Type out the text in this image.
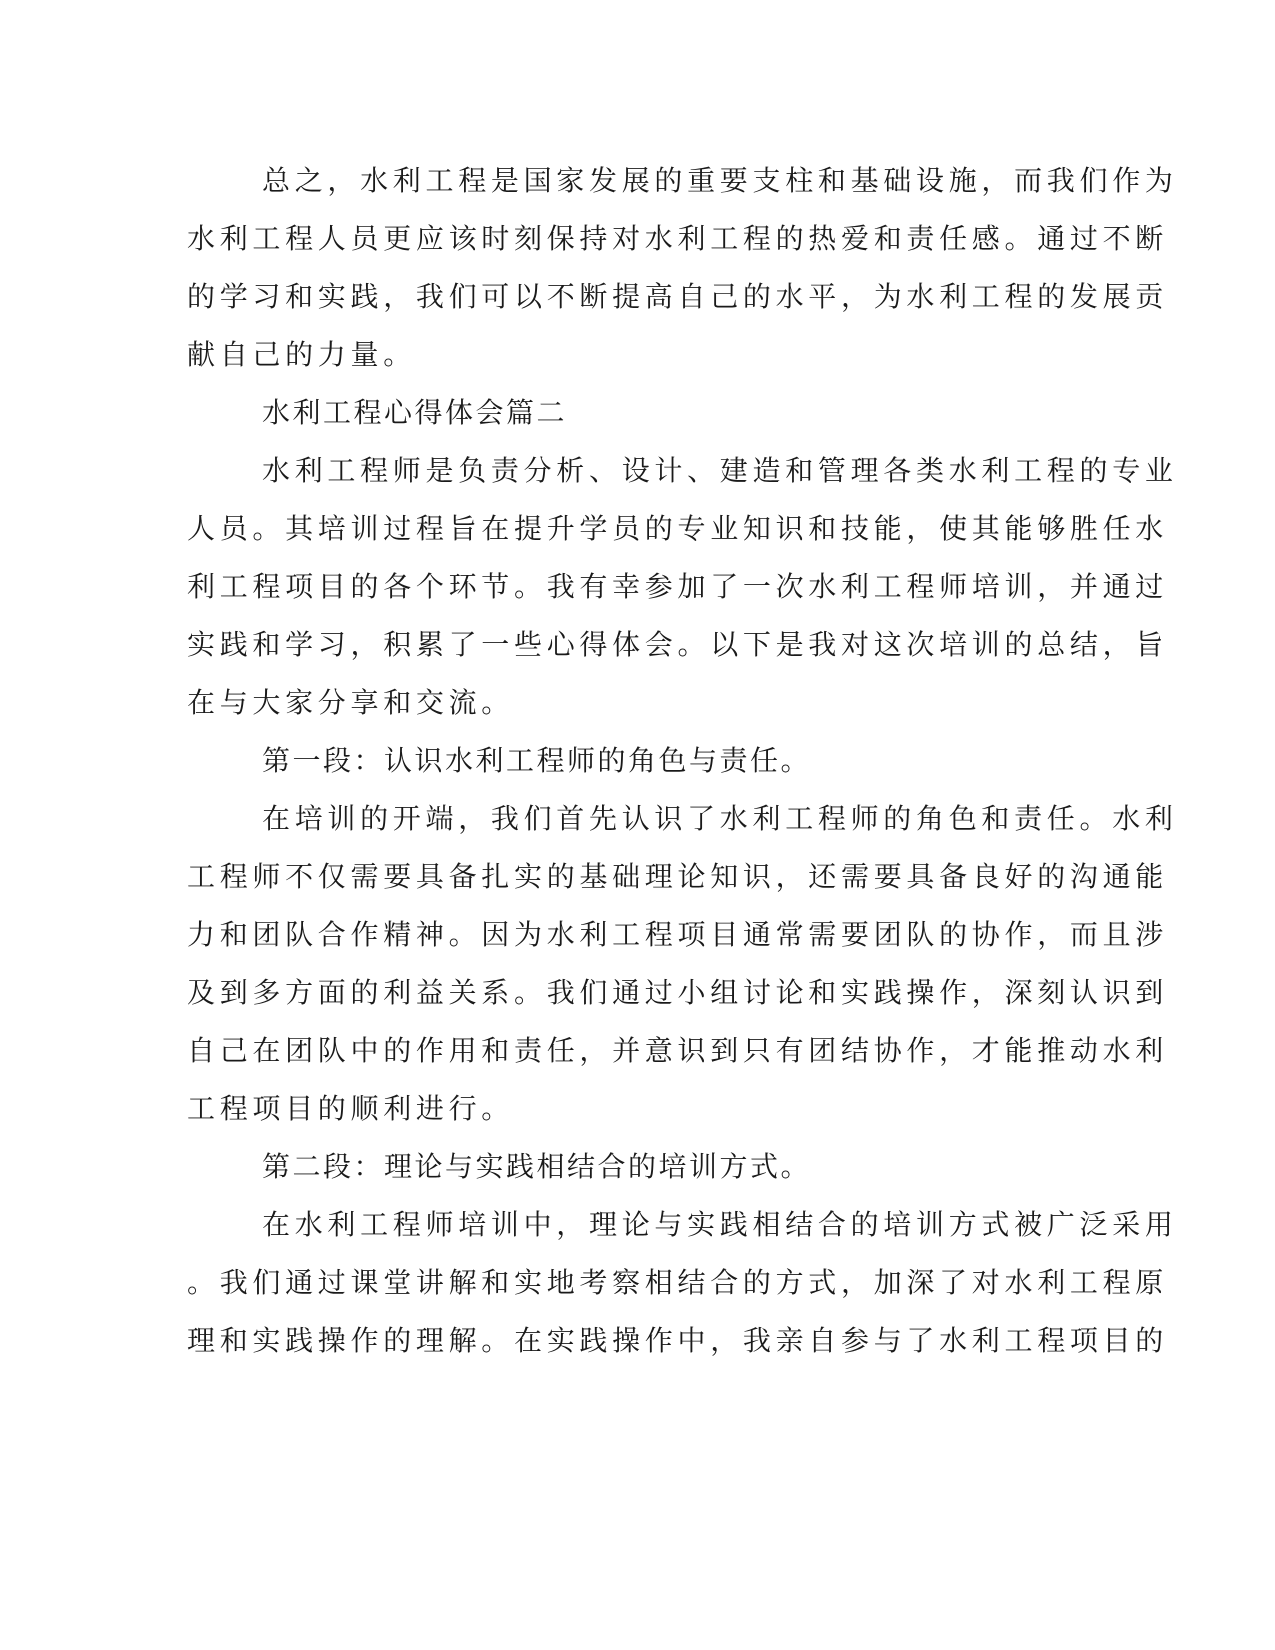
总之，水利工程是国家发展的重要支柱和基础设施，而我们作为
水利工程人员更应该时刻保持对水利工程的热爱和责任感。通过不断
的学习和实践，我们可以不断提高自己的水平，为水利工程的发展贡
献自己的力量。
水利工程心得体会篇二
水利工程师是负责分析、设计、建造和管理各类水利工程的专业
人员。其培训过程旨在提升学员的专业知识和技能，使其能够胜任水
利工程项目的各个环节。我有幸参加了一次水利工程师培训，并通过
实践和学习，积累了一些心得体会。以下是我对这次培训的总结，旨
在与大家分享和交流。
第一段：认识水利工程师的角色与责任。
在培训的开端，我们首先认识了水利工程师的角色和责任。水利
工程师不仅需要具备扎实的基础理论知识，还需要具备良好的沟通能
力和团队合作精神。因为水利工程项目通常需要团队的协作，而且涉
及到多方面的利益关系。我们通过小组讨论和实践操作，深刻认识到
自己在团队中的作用和责任，并意识到只有团结协作，才能推动水利
工程项目的顺利进行。
第二段：理论与实践相结合的培训方式。
在水利工程师培训中，理论与实践相结合的培训方式被广泛采用
。我们通过课堂讲解和实地考察相结合的方式，加深了对水利工程原
理和实践操作的理解。在实践操作中，我亲自参与了水利工程项目的
